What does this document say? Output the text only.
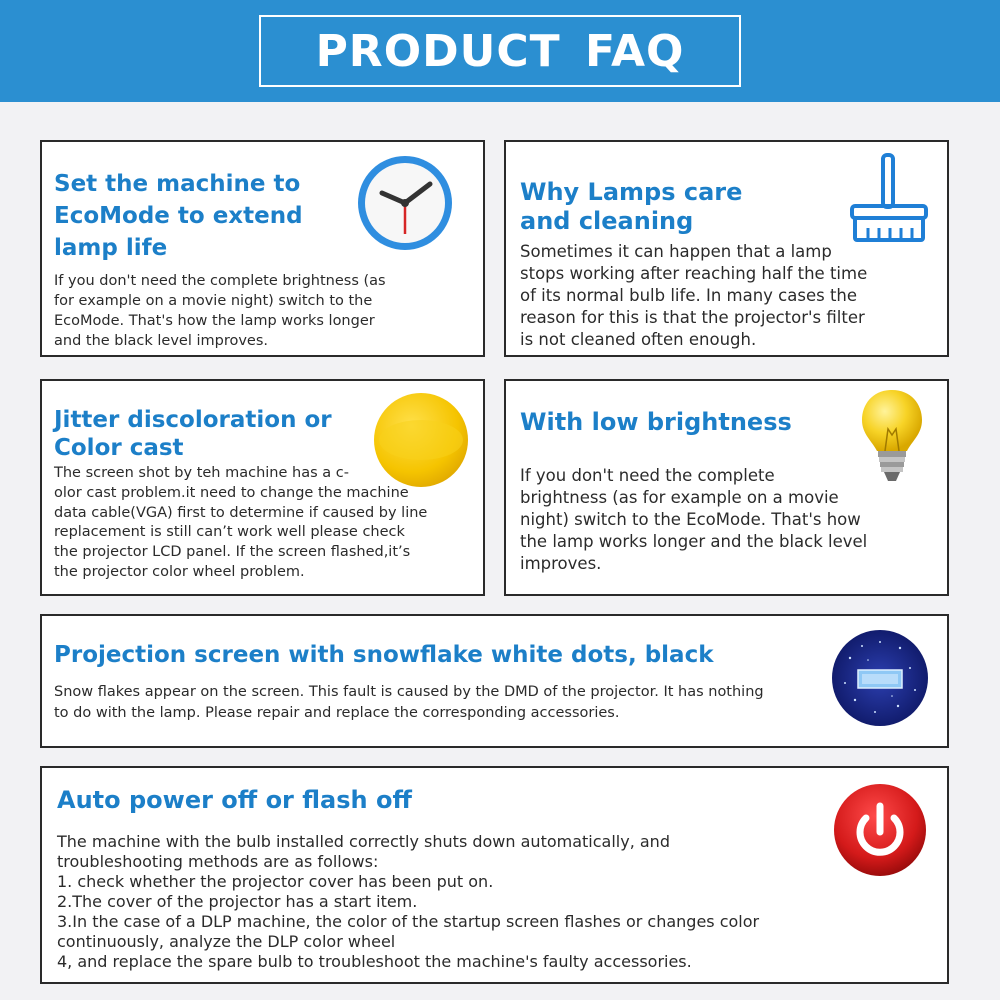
PRODUCT FAQ
Set the machine to
EcoMode to extend
lamp life
If you don't need the complete brightness (as
for example on a movie night) switch to the
EcoMode. That's how the lamp works longer
and the black level improves.
Why Lamps care
and cleaning
Sometimes it can happen that a lamp
stops working after reaching half the time
of its normal bulb life. In many cases the
reason for this is that the projector's filter
is not cleaned often enough.
Jitter discoloration or
Color cast
The screen shot by teh machine has a c-
olor cast problem.it need to change the machine
data cable(VGA) first to determine if caused by line
replacement is still can’t work well please check
the projector LCD panel. If the screen flashed,it’s
the projector color wheel problem.
With low brightness
If you don't need the complete
brightness (as for example on a movie
night) switch to the EcoMode. That's how
the lamp works longer and the black level
improves.
Projection screen with snowflake white dots, black
Snow flakes appear on the screen. This fault is caused by the DMD of the projector. It has nothing
to do with the lamp. Please repair and replace the corresponding accessories.
Auto power off or flash off
The machine with the bulb installed correctly shuts down automatically, and
troubleshooting methods are as follows:
1. check whether the projector cover has been put on.
2.The cover of the projector has a start item.
3.In the case of a DLP machine, the color of the startup screen flashes or changes color
continuously, analyze the DLP color wheel
4, and replace the spare bulb to troubleshoot the machine's faulty accessories.
